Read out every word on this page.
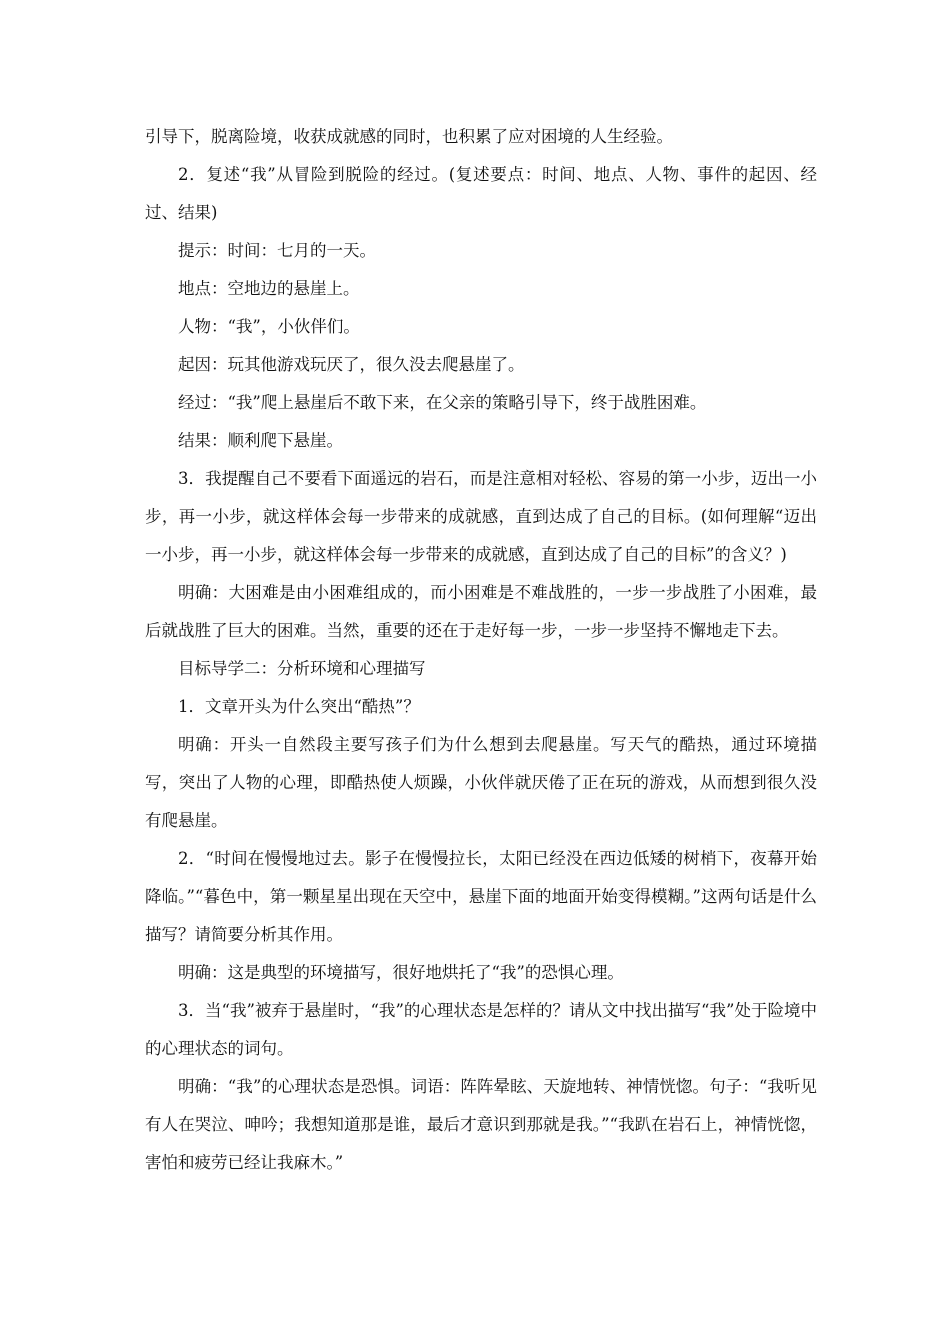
引导下，脱离险境，收获成就感的同时，也积累了应对困境的人生经验。

2．复述“我”从冒险到脱险的经过。(复述要点：时间、地点、人物、事件的起因、经过、结果)

提示：时间：七月的一天。

地点：空地边的悬崖上。

人物：“我”，小伙伴们。

起因：玩其他游戏玩厌了，很久没去爬悬崖了。

经过：“我”爬上悬崖后不敢下来，在父亲的策略引导下，终于战胜困难。

结果：顺利爬下悬崖。

3．我提醒自己不要看下面遥远的岩石，而是注意相对轻松、容易的第一小步，迈出一小步，再一小步，就这样体会每一步带来的成就感，直到达成了自己的目标。(如何理解“迈出一小步，再一小步，就这样体会每一步带来的成就感，直到达成了自己的目标”的含义？)

明确：大困难是由小困难组成的，而小困难是不难战胜的，一步一步战胜了小困难，最后就战胜了巨大的困难。当然，重要的还在于走好每一步，一步一步坚持不懈地走下去。

目标导学二：分析环境和心理描写

1．文章开头为什么突出“酷热”？

明确：开头一自然段主要写孩子们为什么想到去爬悬崖。写天气的酷热，通过环境描写，突出了人物的心理，即酷热使人烦躁，小伙伴就厌倦了正在玩的游戏，从而想到很久没有爬悬崖。

2．“时间在慢慢地过去。影子在慢慢拉长，太阳已经没在西边低矮的树梢下，夜幕开始降临。”“暮色中，第一颗星星出现在天空中，悬崖下面的地面开始变得模糊。”这两句话是什么描写？请简要分析其作用。

明确：这是典型的环境描写，很好地烘托了“我”的恐惧心理。

3．当“我”被弃于悬崖时，“我”的心理状态是怎样的？请从文中找出描写“我”处于险境中的心理状态的词句。

明确：“我”的心理状态是恐惧。词语：阵阵晕眩、天旋地转、神情恍惚。句子：“我听见有人在哭泣、呻吟；我想知道那是谁，最后才意识到那就是我。”“我趴在岩石上，神情恍惚，害怕和疲劳已经让我麻木。”
